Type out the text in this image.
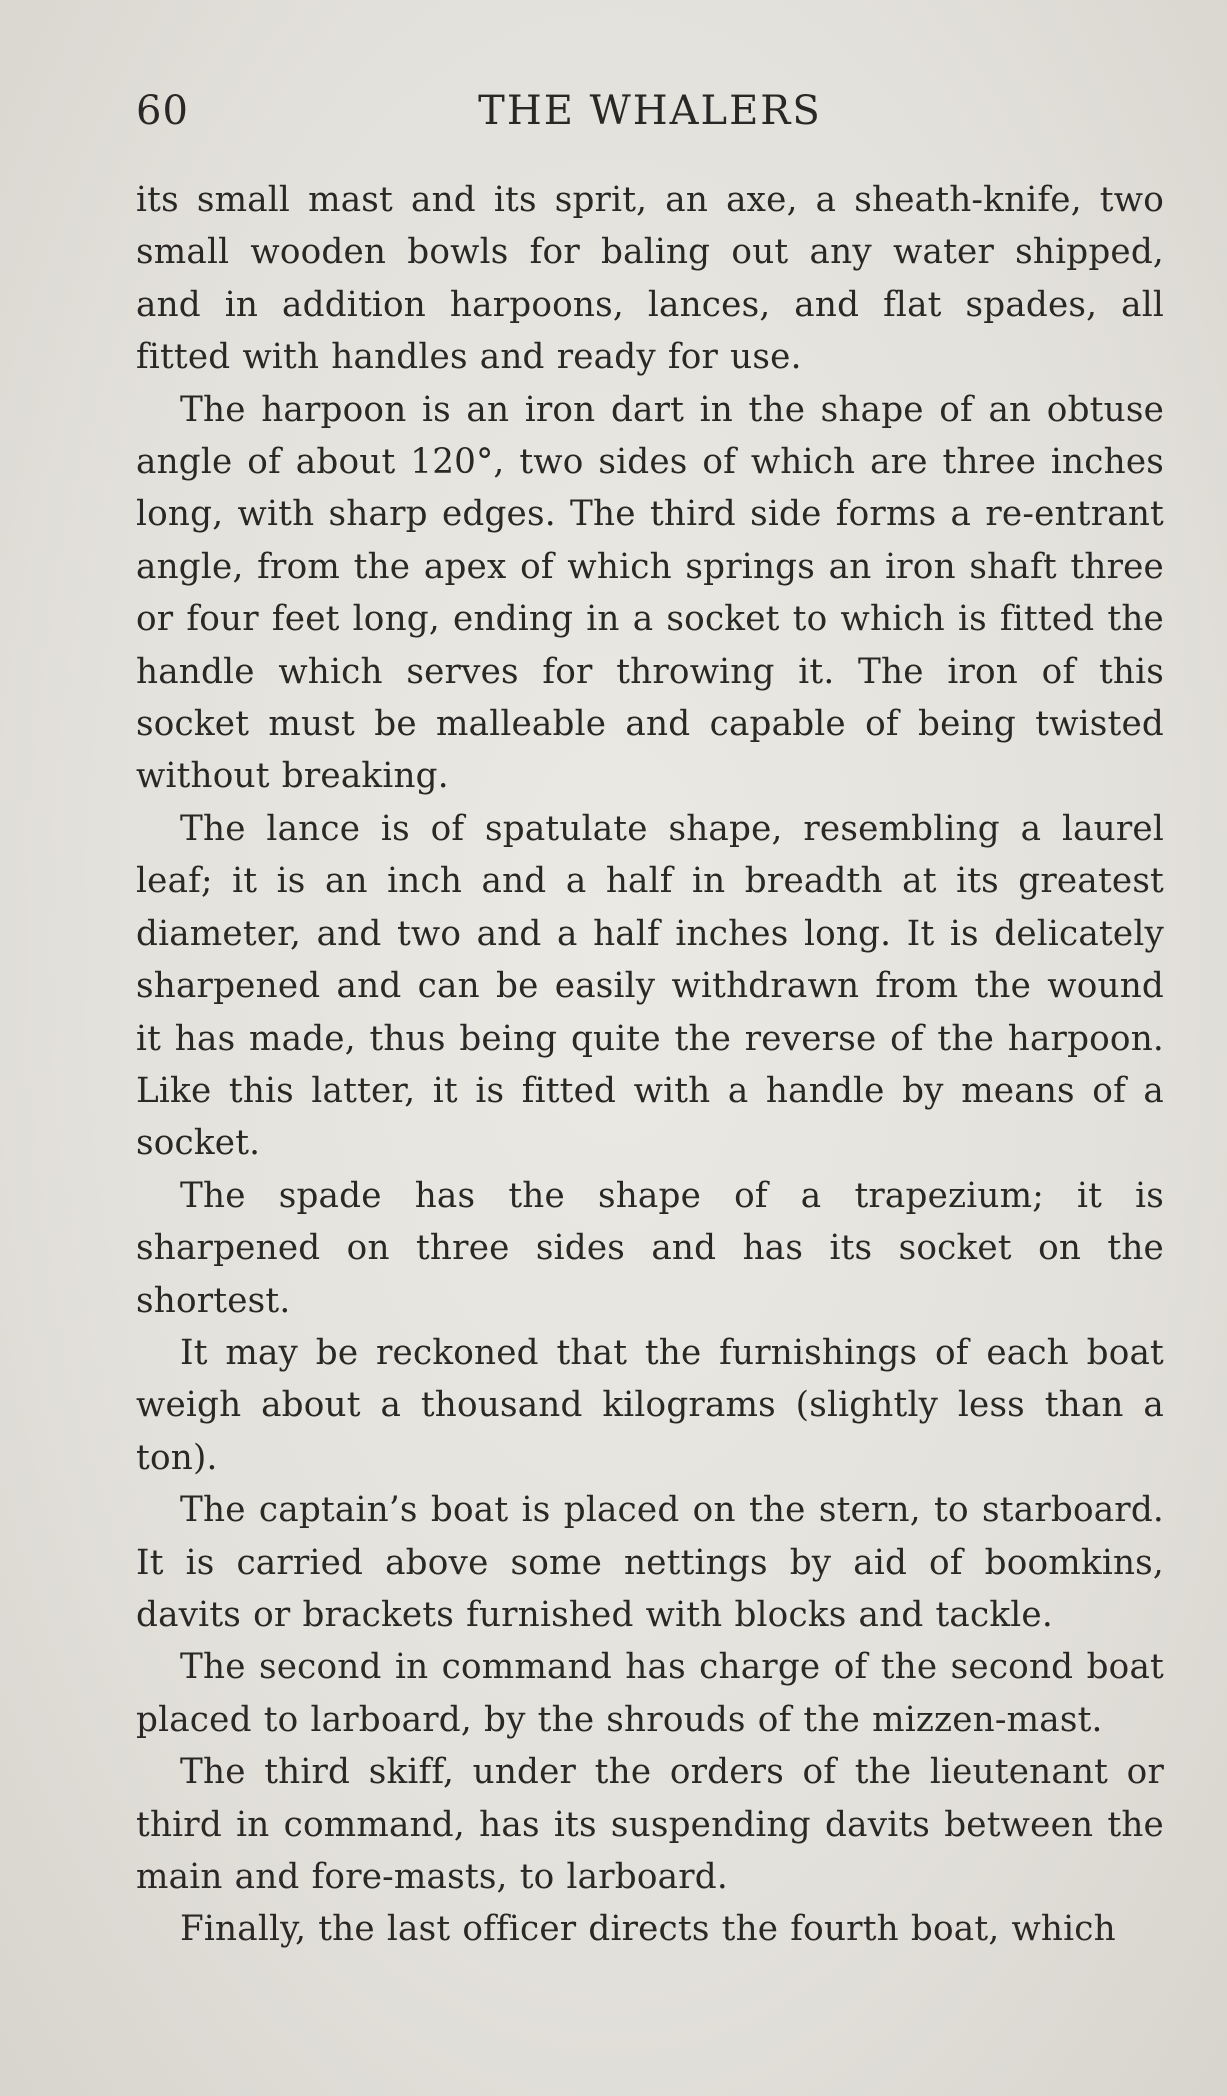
60	THE WHALERS

its small mast and its sprit, an axe, a sheath-knife, two small wooden bowls for baling out any water shipped, and in addition harpoons, lances, and flat spades, all fitted with handles and ready for use.

The harpoon is an iron dart in the shape of an obtuse angle of about 120°, two sides of which are three inches long, with sharp edges. The third side forms a re-entrant angle, from the apex of which springs an iron shaft three or four feet long, ending in a socket to which is fitted the handle which serves for throwing it. The iron of this socket must be malleable and capable of being twisted without breaking.

The lance is of spatulate shape, resembling a laurel leaf; it is an inch and a half in breadth at its greatest diameter, and two and a half inches long. It is delicately sharpened and can be easily withdrawn from the wound it has made, thus being quite the reverse of the harpoon. Like this latter, it is fitted with a handle by means of a socket.

The spade has the shape of a trapezium; it is sharpened on three sides and has its socket on the shortest.

It may be reckoned that the furnishings of each boat weigh about a thousand kilograms (slightly less than a ton).

The captain’s boat is placed on the stern, to starboard. It is carried above some nettings by aid of boomkins, davits or brackets furnished with blocks and tackle.

The second in command has charge of the second boat placed to larboard, by the shrouds of the mizzen-mast.

The third skiff, under the orders of the lieutenant or third in command, has its suspending davits between the main and fore-masts, to larboard.

Finally, the last officer directs the fourth boat, which
